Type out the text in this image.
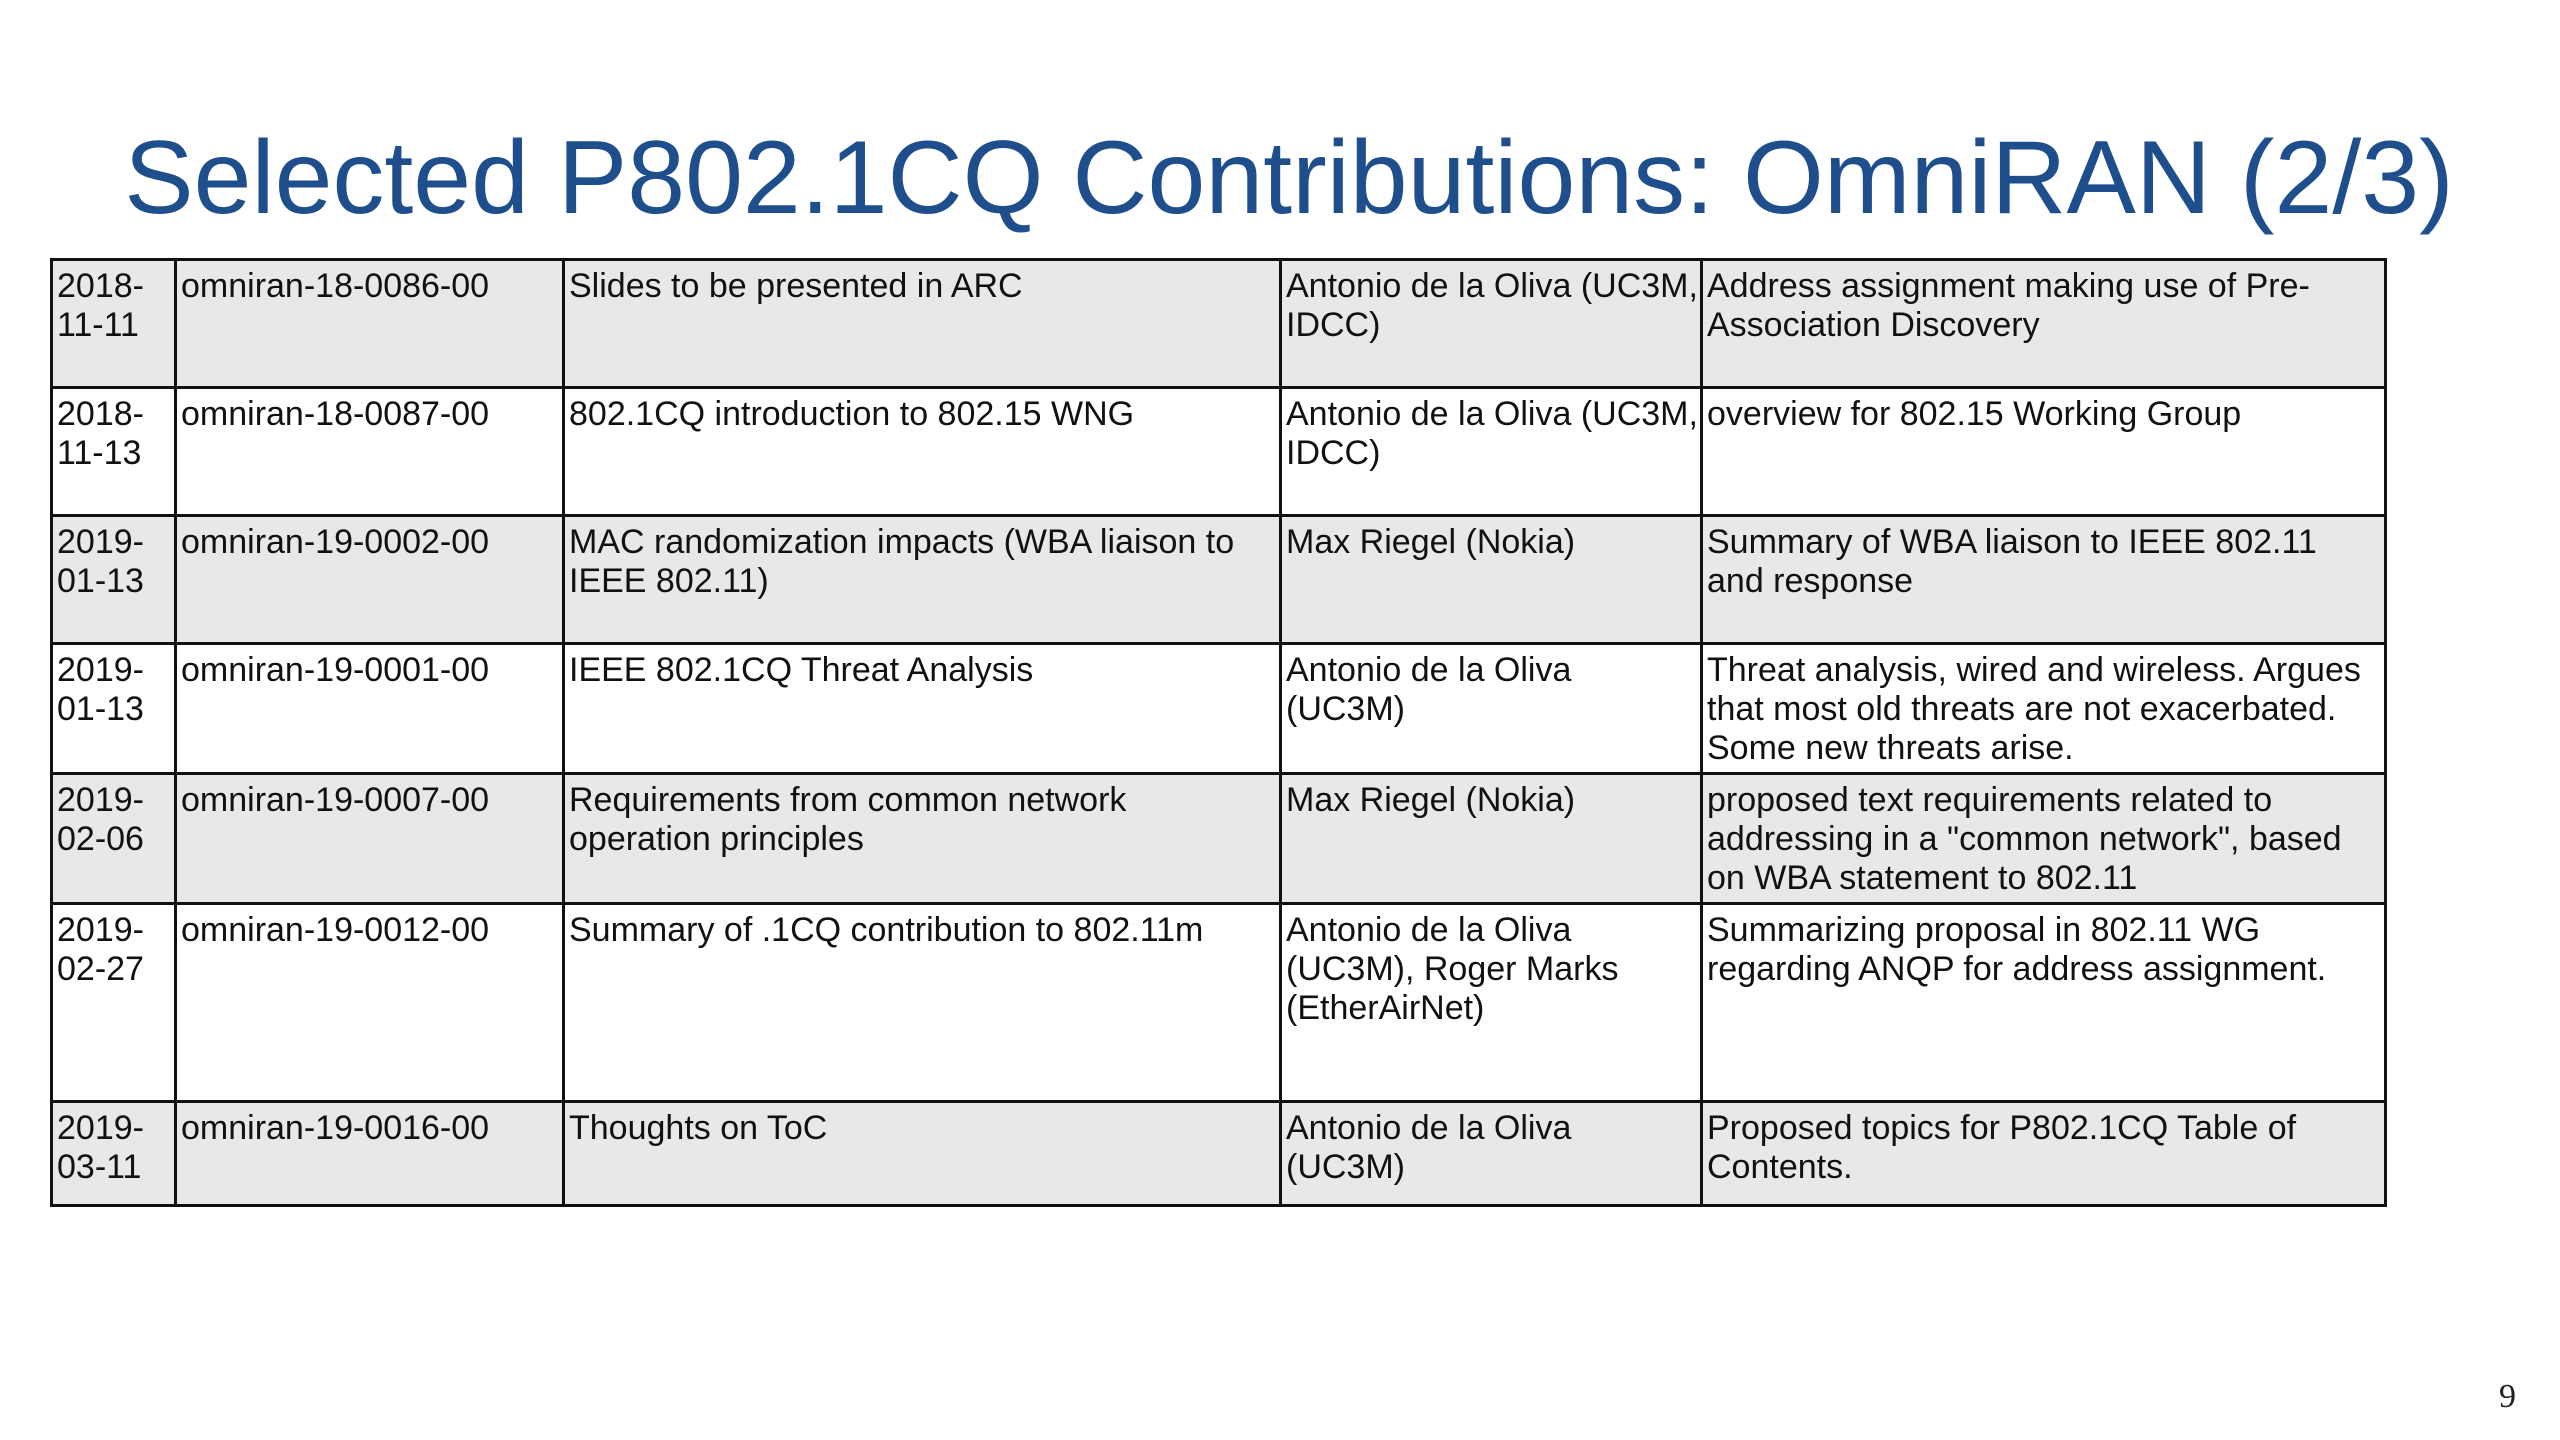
Selected P802.1CQ Contributions: OmniRAN (2/3)
2018-11-11	omniran-18-0086-00	Slides to be presented in ARC	Antonio de la Oliva (UC3M, IDCC)	Address assignment making use of Pre-Association Discovery
2018-11-13	omniran-18-0087-00	802.1CQ introduction to 802.15 WNG	Antonio de la Oliva (UC3M, IDCC)	overview for 802.15 Working Group
2019-01-13	omniran-19-0002-00	MAC randomization impacts (WBA liaison to IEEE 802.11)	Max Riegel (Nokia)	Summary of WBA liaison to IEEE 802.11 and response
2019-01-13	omniran-19-0001-00	IEEE 802.1CQ Threat Analysis	Antonio de la Oliva (UC3M)	Threat analysis, wired and wireless. Argues that most old threats are not exacerbated. Some new threats arise.
2019-02-06	omniran-19-0007-00	Requirements from common network operation principles	Max Riegel (Nokia)	proposed text requirements related to addressing in a "common network", based on WBA statement to 802.11
2019-02-27	omniran-19-0012-00	Summary of .1CQ contribution to 802.11m	Antonio de la Oliva (UC3M), Roger Marks (EtherAirNet)	Summarizing proposal in 802.11 WG regarding ANQP for address assignment.
2019-03-11	omniran-19-0016-00	Thoughts on ToC	Antonio de la Oliva (UC3M)	Proposed topics for P802.1CQ Table of Contents.
9
